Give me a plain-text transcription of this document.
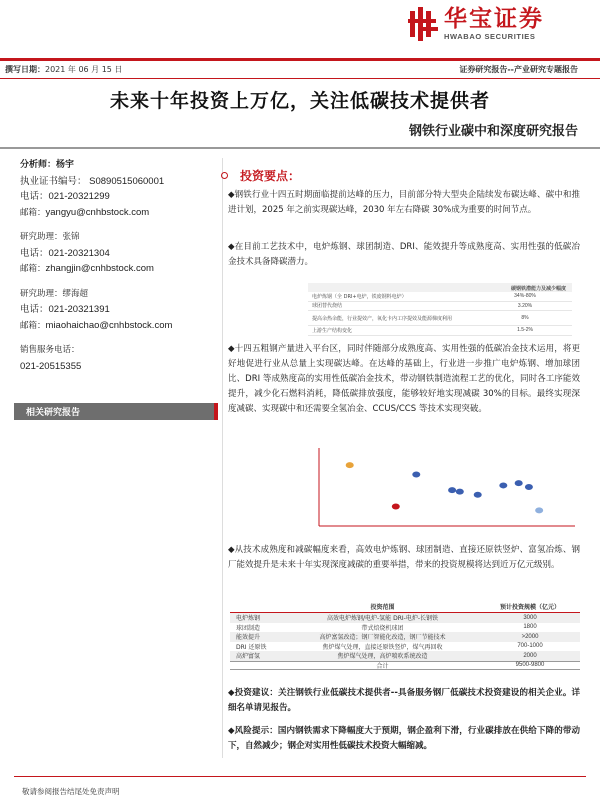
华宝证券
HWABAO SECURITIES
撰写日期：2021 年 06 月 15 日	证券研究报告--产业研究专题报告
未来十年投资上万亿，关注低碳技术提供者
钢铁行业碳中和深度研究报告
分析师：杨宇
执业证书编号： S0890515060001
电话：021-20321299
邮箱：yangyu@cnhbstock.com
研究助理：张锦
电话：021-20321304
邮箱：zhangjin@cnhbstock.com
研究助理：缪海超
电话：021-20321391
邮箱：miaohaichao@cnhbstock.com
销售服务电话：
021-20515355
相关研究报告
投资要点：
◆钢铁行业十四五时期面临提前达峰的压力，目前部分特大型央企陆续发布碳达峰、碳中和推进计划，2025 年之前实现碳达峰，2030 年左右降碳 30%成为重要的时间节点。
◆在目前工艺技术中，电炉炼钢、球团制造、DRI、能效提升等成熟度高、实用性强的低碳冶金技术具备降碳潜力。
碳钢铁潜能力及减少幅度
电炉炼钢（全 DRI+电炉，铁废钢料电炉）	34%-80%
球团替代烧结	3.20%
提高余热余能，行业提效产，氧化卡内工序提效及能源梯度利用	8%
上游生产结构变化	1.5-2%
◆十四五粗钢产量进入平台区，同时伴随部分成熟度高、实用性强的低碳冶金技术运用，将更好地促进行业从总量上实现碳达峰。在达峰的基础上，行业进一步推广电炉炼钢、增加球团比、DRI 等成熟度高的实用性低碳冶金技术，带动钢铁制造流程工艺的优化，同时各工序能效提升，减少化石燃料消耗，降低碳排放强度，能够较好地实现减碳 30%的目标。最终实现深度减碳、实现碳中和还需要全氢冶金、CCUS/CCS 等技术实现突破。
◆从技术成熟度和减碳幅度来看，高效电炉炼钢、球团制造、直接还原铁竖炉、富氢冶炼、钢厂能效提升是未来十年实现深度减碳的重要举措，带来的投资规模将达到近万亿元级别。
投资范围	预计投资规模（亿元）
电炉炼钢	高效电炉炼钢/电炉-氢能 DRI-电炉-长钢铁	3000
球团制造	带式焙烧机球团	1800
能效提升	高炉富氢改造；钢厂智能化改造，钢厂节能技术	>2000
DRI 还原铁	焦炉煤气处理，直接还原铁竖炉，煤气再回收	700-1000
高炉富氢	焦炉煤气处理，高炉喷吹系统改造	2000
合计	9500-9800
◆投资建议：关注钢铁行业低碳技术提供者--具备服务钢厂低碳技术投资建设的相关企业。详细名单请见报告。
◆风险提示：国内钢铁需求下降幅度大于预期，钢企盈利下滑，行业碳排放在供给下降的带动下，自然减少；钢企对实用性低碳技术投资大幅缩减。
敬请参阅报告结尾处免责声明
